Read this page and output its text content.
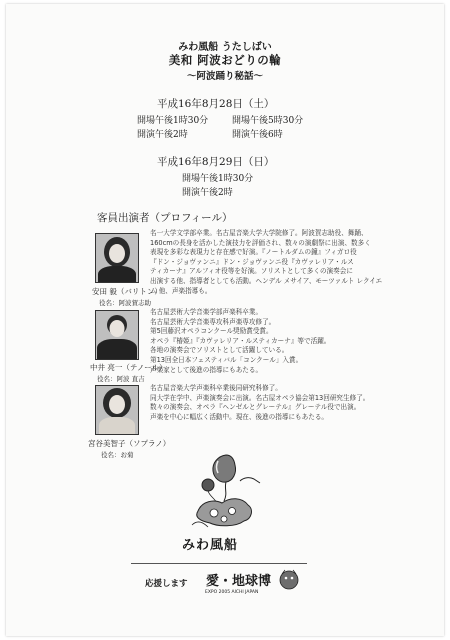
みわ風船 うたしばい
美和 阿波おどりの輪
〜阿波踊り秘話〜
平成16年8月28日（土）
開場午後1時30分
開演午後2時
開場午後5時30分
開演午後6時
平成16年8月29日（日）
開場午後1時30分
開演午後2時
客員出演者（プロフィール）
安田 毅（バリトン）
役名：阿波賀志助
名一大学文学部卒業。名古屋音楽大学大学院修了。阿波賀志助役、舞踊、
160cmの長身を活かした演技力を評価され、数々の演劇祭に出演、数多く
表現を多彩な表現力と存在感で好演。『ノートルダムの鐘』フィガロ役
『ドン・ジョヴァンニ』ドン・ジョヴァンニ役『カヴァレリア・ルス
ティカーナ』アルフィオ役等を好演。ソリストとして多くの演奏会に
出演する他、指導者としても活動。ヘンデル メサイア、モーツァルト レクイエ
ム 他、声楽指導も。
中井 亮一（テノール）
役名：阿波 直吉
名古屋芸術大学音楽学部声楽科卒業。
名古屋芸術大学音楽専攻科声楽専攻修了。
第5回藤沢オペラコンクール奨励賞受賞。
オペラ『椿姫』『カヴァレリア・ルスティカーナ』等で活躍。
各地の演奏会でソリストとして活躍している。
第13回全日本フェスティバル「コンクール」入賞。
声楽家として後進の指導にもあたる。
宮谷美智子（ソプラノ）
役名：お菊
名古屋音楽大学声楽科卒業後同研究科修了。
同大学在学中、声楽演奏会に出演。名古屋オペラ協会第13回研究生修了。
数々の演奏会、オペラ『ヘンゼルとグレーテル』グレーテル役で出演。
声楽を中心に幅広く活動中。現在、後進の指導にもあたる。
みわ風船
応援します 愛・地球博
EXPO 2005 AICHI JAPAN
